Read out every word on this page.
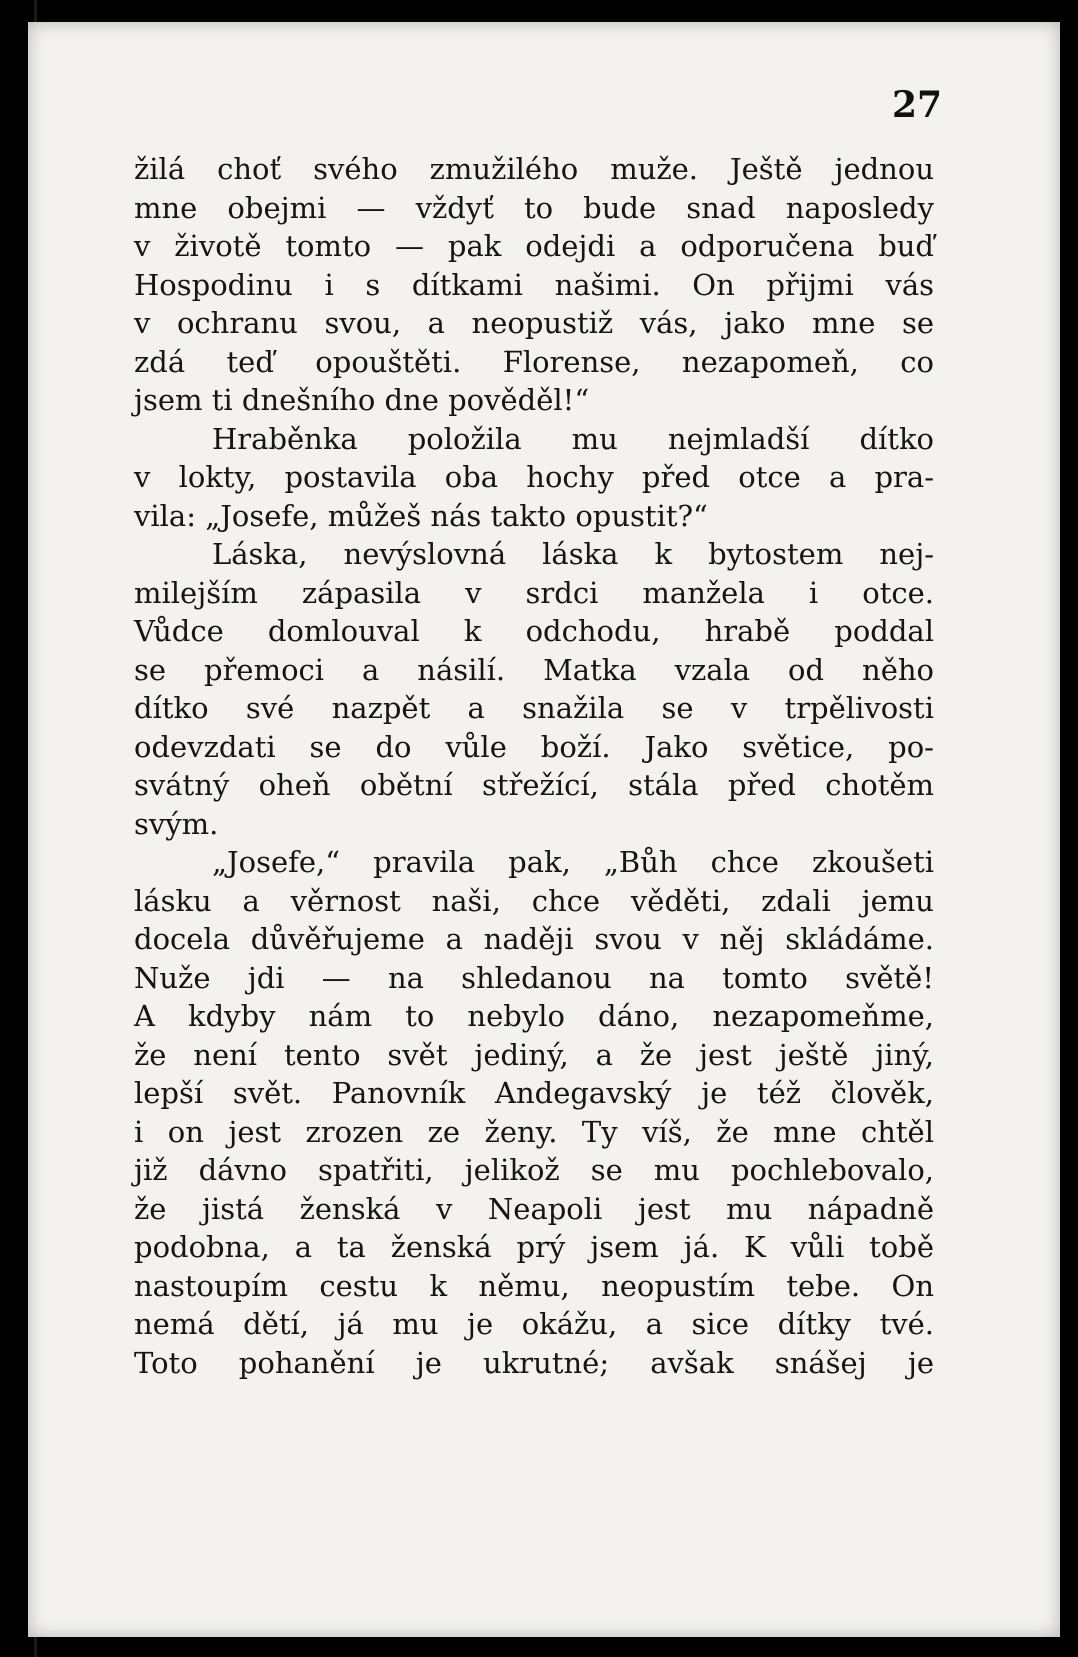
27
žilá choť svého zmužilého muže. Ještě jednou
mne obejmi — vždyť to bude snad naposledy
v životě tomto — pak odejdi a odporučena buď
Hospodinu i s dítkami našimi. On přijmi vás
v ochranu svou, a neopustiž vás, jako mne se
zdá teď opouštěti. Florense, nezapomeň, co
jsem ti dnešního dne pověděl!“
Hraběnka položila mu nejmladší dítko
v lokty, postavila oba hochy před otce a pra-
vila: „Josefe, můžeš nás takto opustit?“
Láska, nevýslovná láska k bytostem nej-
milejším zápasila v srdci manžela i otce.
Vůdce domlouval k odchodu, hrabě poddal
se přemoci a násilí. Matka vzala od něho
dítko své nazpět a snažila se v trpělivosti
odevzdati se do vůle boží. Jako světice, po-
svátný oheň obětní střežící, stála před chotěm
svým.
„Josefe,“ pravila pak, „Bůh chce zkoušeti
lásku a věrnost naši, chce věděti, zdali jemu
docela důvěřujeme a naději svou v něj skládáme.
Nuže jdi — na shledanou na tomto světě!
A kdyby nám to nebylo dáno, nezapomeňme,
že není tento svět jediný, a že jest ještě jiný,
lepší svět. Panovník Andegavský je též člověk,
i on jest zrozen ze ženy. Ty víš, že mne chtěl
již dávno spatřiti, jelikož se mu pochlebovalo,
že jistá ženská v Neapoli jest mu nápadně
podobna, a ta ženská prý jsem já. K vůli tobě
nastoupím cestu k němu, neopustím tebe. On
nemá dětí, já mu je okážu, a sice dítky tvé.
Toto pohanění je ukrutné; avšak snášej je
